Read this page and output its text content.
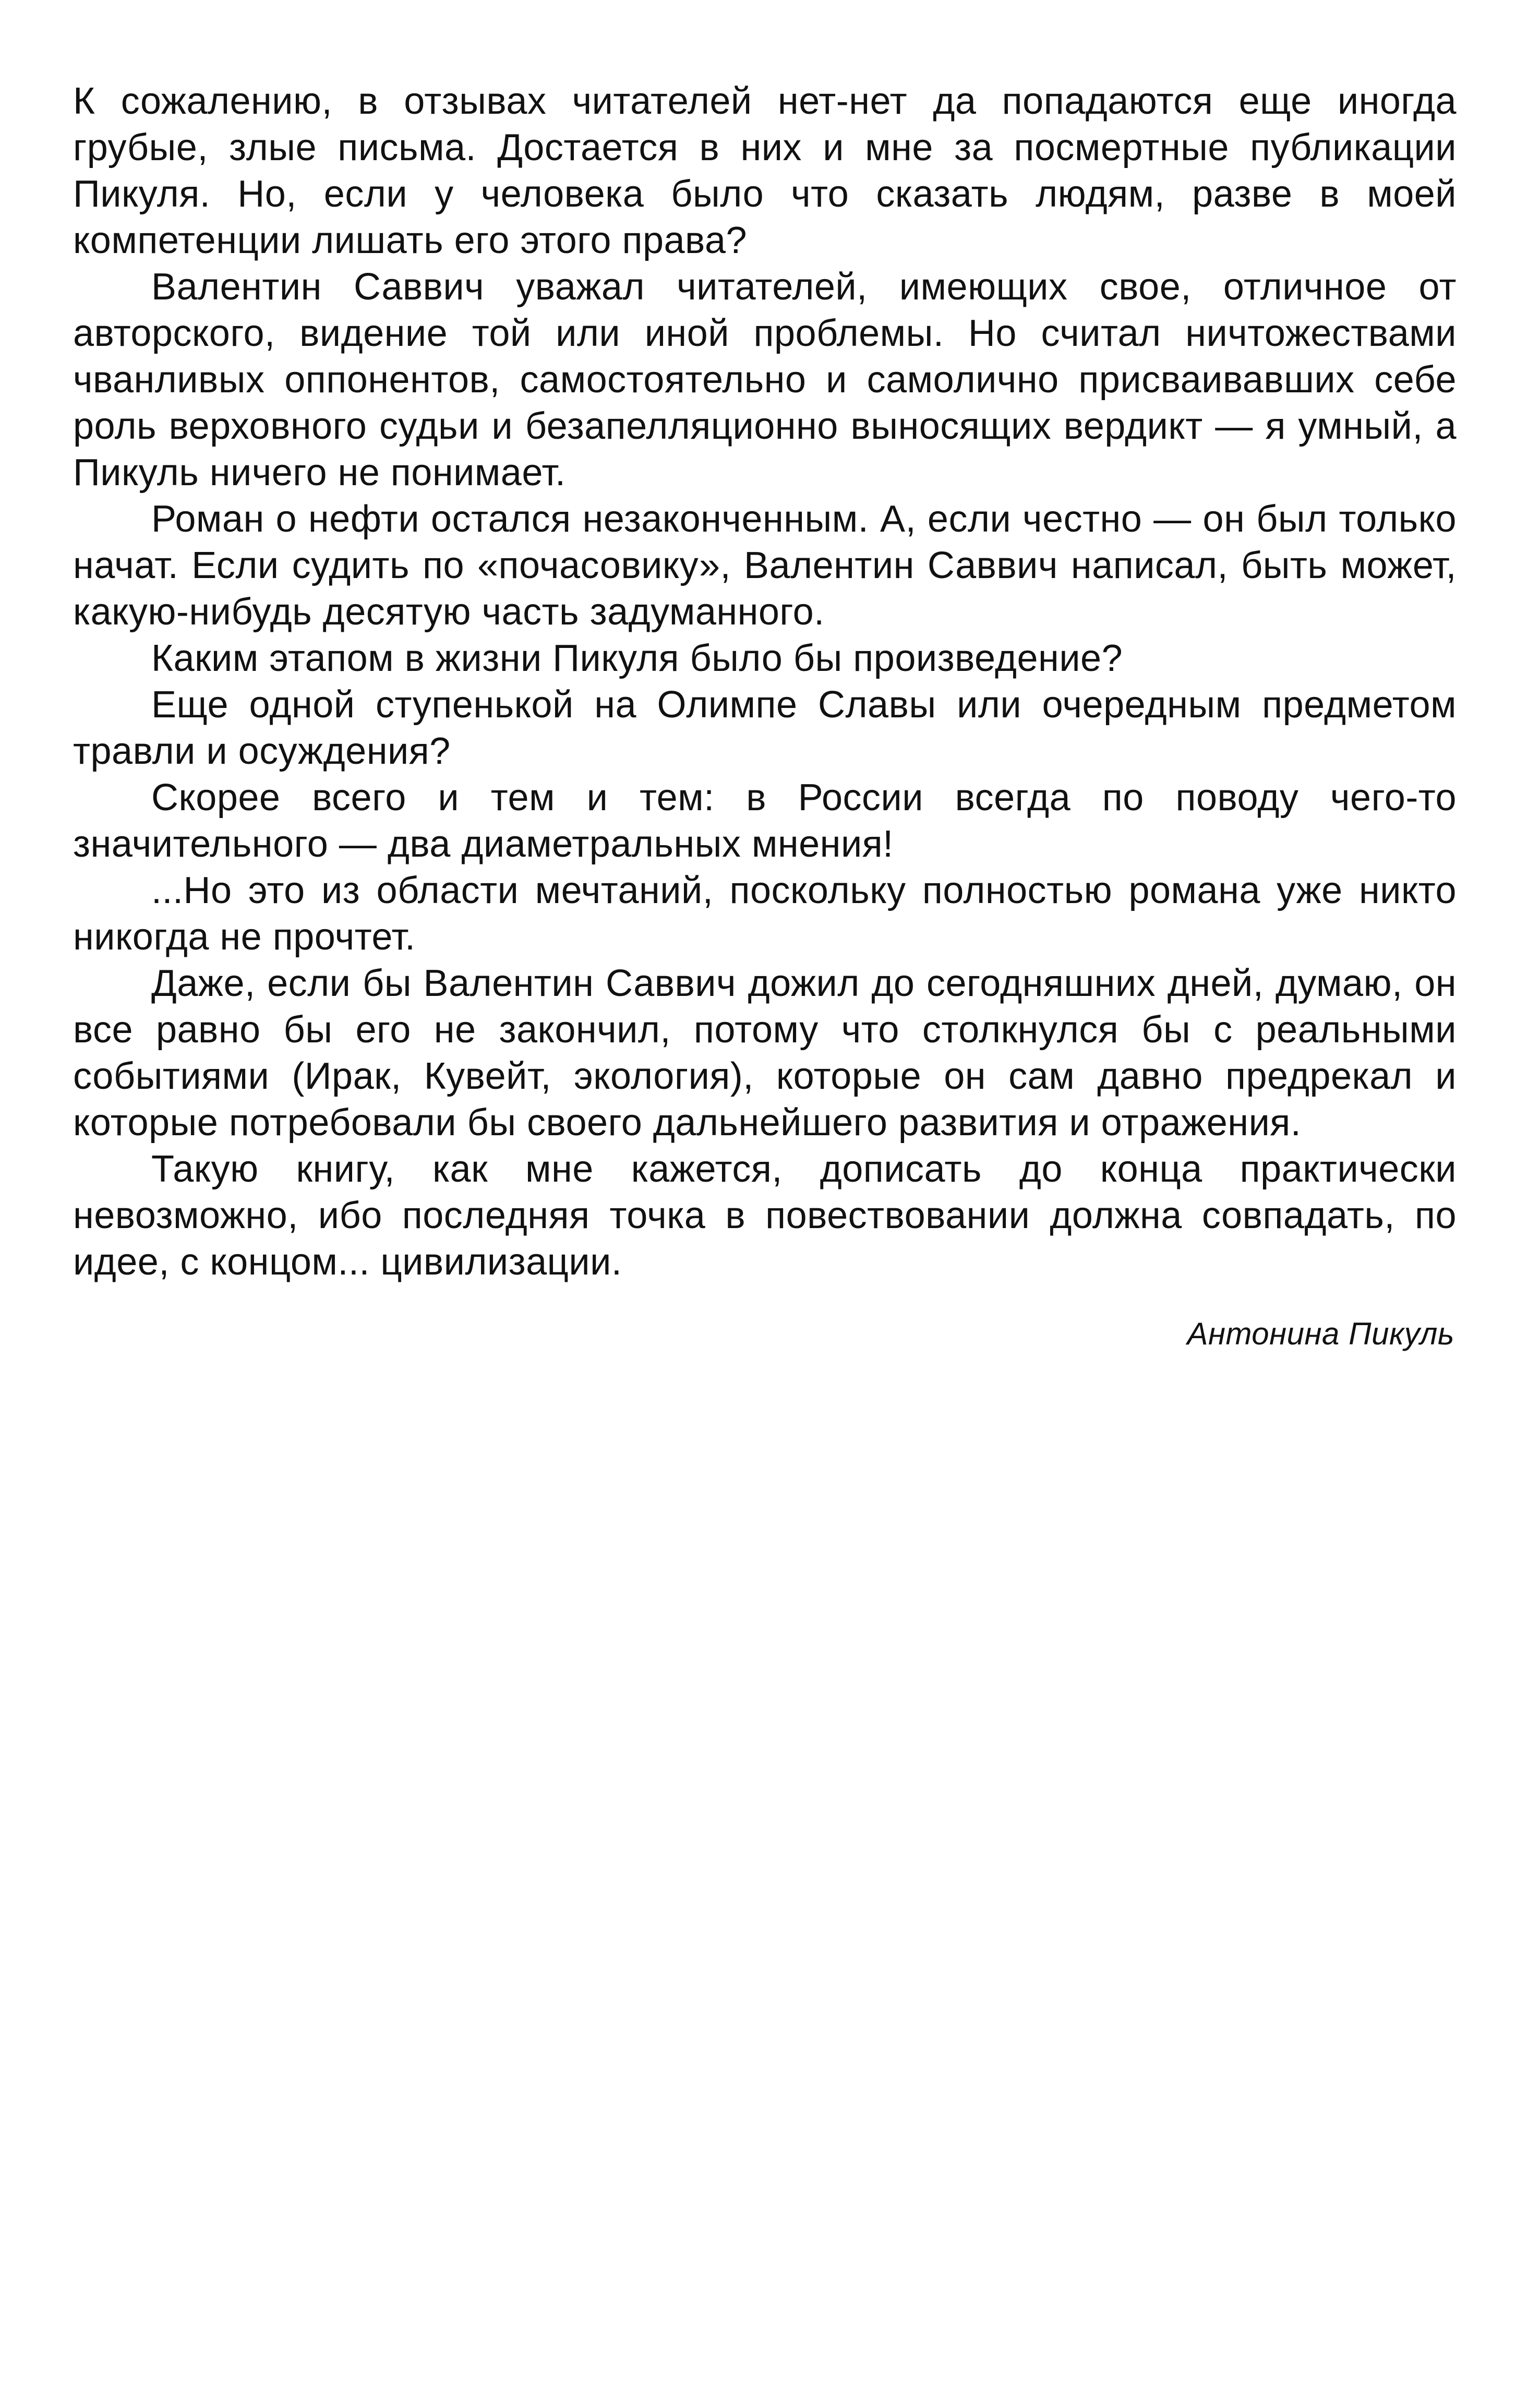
К сожалению, в отзывах читателей нет-нет да попадаются еще иногда грубые, злые письма. Достается в них и мне за посмертные публикации Пикуля. Но, если у человека было что сказать людям, разве в моей компетенции лишать его этого права?

Валентин Саввич уважал читателей, имеющих свое, отличное от авторского, видение той или иной проблемы. Но считал ничтожествами чванливых оппонентов, самостоятельно и самолично присваивавших себе роль верховного судьи и безапелляционно выносящих вердикт — я умный, а Пикуль ничего не понимает.

Роман о нефти остался незаконченным. А, если честно — он был только начат. Если судить по «почасовику», Валентин Саввич написал, быть может, какую-нибудь десятую часть задуманного.

Каким этапом в жизни Пикуля было бы произведение?

Еще одной ступенькой на Олимпе Славы или очередным предметом травли и осуждения?

Скорее всего и тем и тем: в России всегда по поводу чего-то значительного — два диаметральных мнения!

...Но это из области мечтаний, поскольку полностью романа уже никто никогда не прочтет.

Даже, если бы Валентин Саввич дожил до сегодняшних дней, думаю, он все равно бы его не закончил, потому что столкнулся бы с реальными событиями (Ирак, Кувейт, экология), которые он сам давно предрекал и которые потребовали бы своего дальнейшего развития и отражения.

Такую книгу, как мне кажется, дописать до конца практически невозможно, ибо последняя точка в повествовании должна совпадать, по идее, с концом... цивилизации.

Антонина Пикуль
